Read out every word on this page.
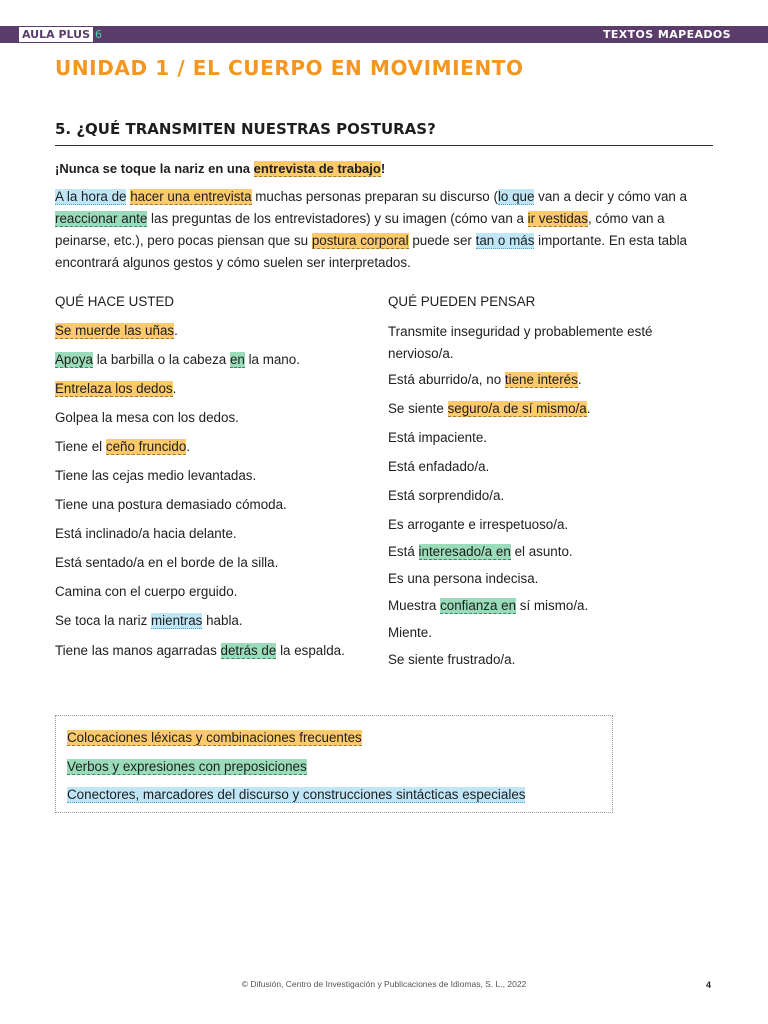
AULA PLUS 6	TEXTOS MAPEADOS
UNIDAD 1 / EL CUERPO EN MOVIMIENTO
5. ¿QUÉ TRANSMITEN NUESTRAS POSTURAS?
¡Nunca se toque la nariz en una entrevista de trabajo!
A la hora de hacer una entrevista muchas personas preparan su discurso (lo que van a decir y cómo van a reaccionar ante las preguntas de los entrevistadores) y su imagen (cómo van a ir vestidas, cómo van a peinarse, etc.), pero pocas piensan que su postura corporal puede ser tan o más importante. En esta tabla encontrará algunos gestos y cómo suelen ser interpretados.

QUÉ HACE USTED

Se muerde las uñas.

Apoya la barbilla o la cabeza en la mano.

Entrelaza los dedos.

Golpea la mesa con los dedos.

Tiene el ceño fruncido.

Tiene las cejas medio levantadas.

Tiene una postura demasiado cómoda.

Está inclinado/a hacia delante.

Está sentado/a en el borde de la silla.

Camina con el cuerpo erguido.

Se toca la nariz mientras habla.

Tiene las manos agarradas detrás de la espalda.

QUÉ PUEDEN PENSAR

Transmite inseguridad y probablemente esté nervioso/a.

Está aburrido/a, no tiene interés.

Se siente seguro/a de sí mismo/a.

Está impaciente.

Está enfadado/a.

Está sorprendido/a.

Es arrogante e irrespetuoso/a.

Está interesado/a en el asunto.

Es una persona indecisa.

Muestra confianza en sí mismo/a.

Miente.

Se siente frustrado/a.

Colocaciones léxicas y combinaciones frecuentes
Verbos y expresiones con preposiciones
Conectores, marcadores del discurso y construcciones sintácticas especiales
© Difusión, Centro de Investigación y Publicaciones de Idiomas, S. L., 2022	4
